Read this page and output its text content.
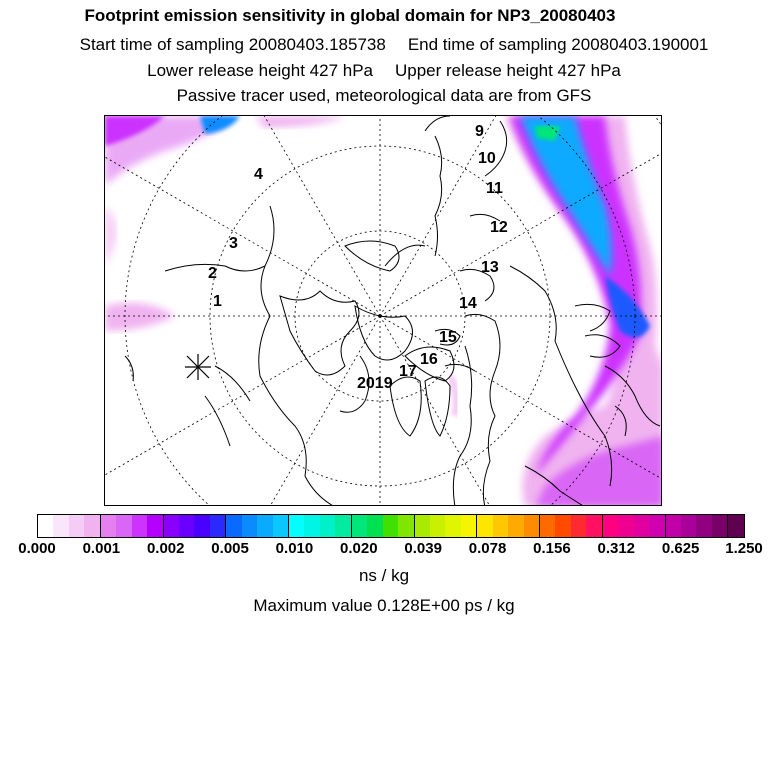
Footprint emission sensitivity in global domain for NP3_20080403
Start time of sampling 20080403.185738 End time of sampling 20080403.190001
Lower release height 427 hPa Upper release height 427 hPa
Passive tracer used, meteorological data are from GFS
1
2
3
4
9
10
11
12
13
14
15
16
17
2019
0.000 0.001 0.002 0.005 0.010 0.020 0.039 0.078 0.156 0.312 0.625 1.250
ns / kg
Maximum value 0.128E+00 ps / kg
